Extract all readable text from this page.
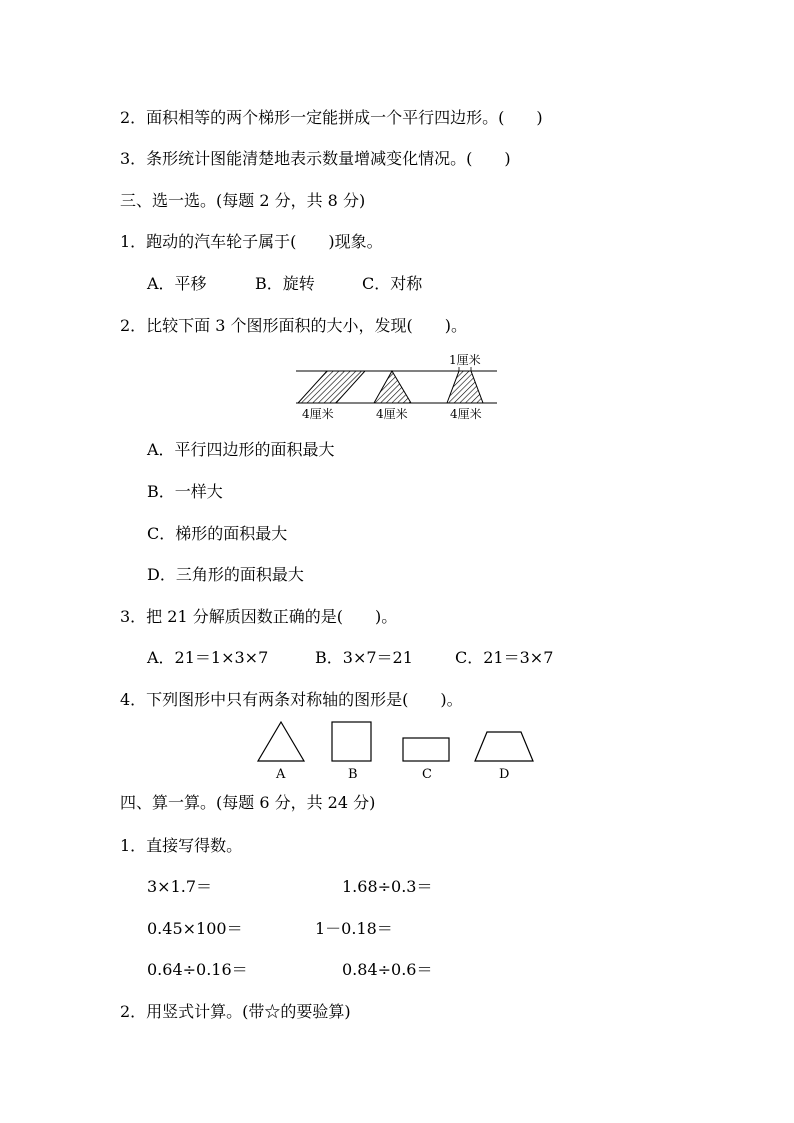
2．面积相等的两个梯形一定能拼成一个平行四边形。(　　)
3．条形统计图能清楚地表示数量增减变化情况。(　　)
三、选一选。(每题 2 分，共 8 分)
1．跑动的汽车轮子属于(　　)现象。
A．平移	B．旋转	C．对称
2．比较下面 3 个图形面积的大小，发现(　　)。
1厘米
4厘米	4厘米	4厘米
A．平行四边形的面积最大
B．一样大
C．梯形的面积最大
D．三角形的面积最大
3．把 21 分解质因数正确的是(　　)。
A．21＝1×3×7	B．3×7＝21	C．21＝3×7
4．下列图形中只有两条对称轴的图形是(　　)。
A	B	C	D
四、算一算。(每题 6 分，共 24 分)
1．直接写得数。
3×1.7＝	1.68÷0.3＝
0.45×100＝	1－0.18＝
0.64÷0.16＝	0.84÷0.6＝
2．用竖式计算。(带☆的要验算)
